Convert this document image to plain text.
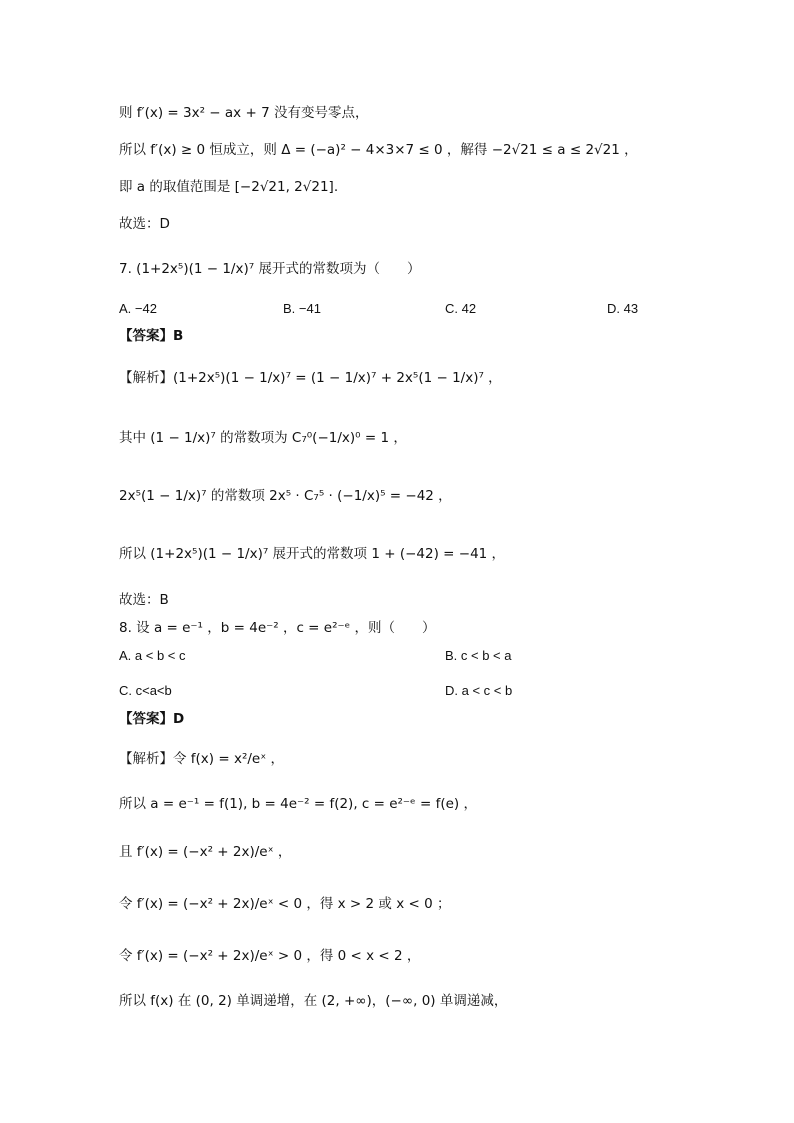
则 f′(x) = 3x² − ax + 7 没有变号零点，
所以 f′(x) ≥ 0 恒成立，则 Δ = (−a)² − 4×3×7 ≤ 0 ，解得 −2√21 ≤ a ≤ 2√21 ，
即 a 的取值范围是 [−2√21, 2√21].
故选：D
7. (1+2x⁵)(1 − 1/x)⁷ 展开式的常数项为（　　）
A. −42	B. −41	C. 42	D. 43
【答案】B
【解析】(1+2x⁵)(1 − 1/x)⁷ = (1 − 1/x)⁷ + 2x⁵(1 − 1/x)⁷ ，
其中 (1 − 1/x)⁷ 的常数项为 C₇⁰(−1/x)⁰ = 1 ，
2x⁵(1 − 1/x)⁷ 的常数项 2x⁵ · C₇⁵ · (−1/x)⁵ = −42 ，
所以 (1+2x⁵)(1 − 1/x)⁷ 展开式的常数项 1 + (−42) = −41 ，
故选：B
8. 设 a = e⁻¹ ，b = 4e⁻² ，c = e²⁻ᵉ ，则（　　）
A. a < b < c	B. c < b < a
C. c<a<b	D. a < c < b
【答案】D
【解析】令 f(x) = x²/eˣ ，
所以 a = e⁻¹ = f(1), b = 4e⁻² = f(2), c = e²⁻ᵉ = f(e) ，
且 f′(x) = (−x² + 2x)/eˣ ，
令 f′(x) = (−x² + 2x)/eˣ < 0 ，得 x > 2 或 x < 0 ；
令 f′(x) = (−x² + 2x)/eˣ > 0 ，得 0 < x < 2 ，
所以 f(x) 在 (0, 2) 单调递增，在 (2, +∞)，(−∞, 0) 单调递减，
